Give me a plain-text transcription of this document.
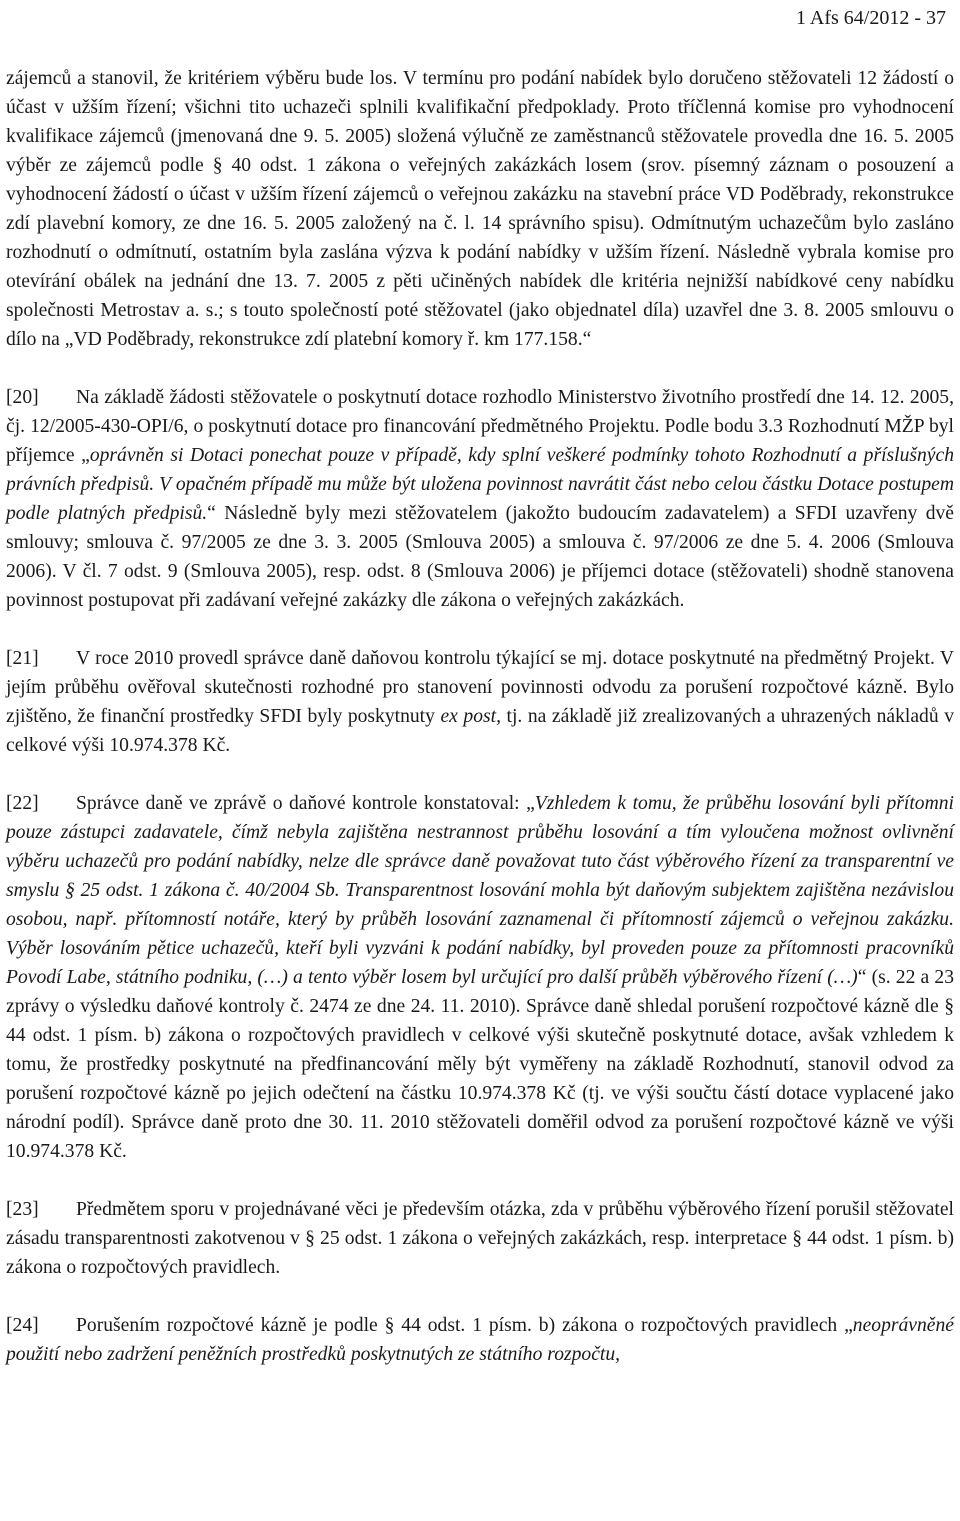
1 Afs 64/2012 - 37

zájemců a stanovil, že kritériem výběru bude los. V termínu pro podání nabídek bylo doručeno stěžovateli 12 žádostí o účast v užším řízení; všichni tito uchazeči splnili kvalifikační předpoklady. Proto tříčlenná komise pro vyhodnocení kvalifikace zájemců (jmenovaná dne 9. 5. 2005) složená výlučně ze zaměstnanců stěžovatele provedla dne 16. 5. 2005 výběr ze zájemců podle § 40 odst. 1 zákona o veřejných zakázkách losem (srov. písemný záznam o posouzení a vyhodnocení žádostí o účast v užším řízení zájemců o veřejnou zakázku na stavební práce VD Poděbrady, rekonstrukce zdí plavební komory, ze dne 16. 5. 2005 založený na č. l. 14 správního spisu). Odmítnutým uchazečům bylo zasláno rozhodnutí o odmítnutí, ostatním byla zaslána výzva k podání nabídky v užším řízení. Následně vybrala komise pro otevírání obálek na jednání dne 13. 7. 2005 z pěti učiněných nabídek dle kritéria nejnižší nabídkové ceny nabídku společnosti Metrostav a. s.; s touto společností poté stěžovatel (jako objednatel díla) uzavřel dne 3. 8. 2005 smlouvu o dílo na „VD Poděbrady, rekonstrukce zdí platební komory ř. km 177.158.“

[20] Na základě žádosti stěžovatele o poskytnutí dotace rozhodlo Ministerstvo životního prostředí dne 14. 12. 2005, čj. 12/2005-430-OPI/6, o poskytnutí dotace pro financování předmětného Projektu. Podle bodu 3.3 Rozhodnutí MŽP byl příjemce „oprávněn si Dotaci ponechat pouze v případě, kdy splní veškeré podmínky tohoto Rozhodnutí a příslušných právních předpisů. V opačném případě mu může být uložena povinnost navrátit část nebo celou částku Dotace postupem podle platných předpisů.“ Následně byly mezi stěžovatelem (jakožto budoucím zadavatelem) a SFDI uzavřeny dvě smlouvy; smlouva č. 97/2005 ze dne 3. 3. 2005 (Smlouva 2005) a smlouva č. 97/2006 ze dne 5. 4. 2006 (Smlouva 2006). V čl. 7 odst. 9 (Smlouva 2005), resp. odst. 8 (Smlouva 2006) je příjemci dotace (stěžovateli) shodně stanovena povinnost postupovat při zadávaní veřejné zakázky dle zákona o veřejných zakázkách.

[21] V roce 2010 provedl správce daně daňovou kontrolu týkající se mj. dotace poskytnuté na předmětný Projekt. V jejím průběhu ověřoval skutečnosti rozhodné pro stanovení povinnosti odvodu za porušení rozpočtové kázně. Bylo zjištěno, že finanční prostředky SFDI byly poskytnuty ex post, tj. na základě již zrealizovaných a uhrazených nákladů v celkové výši 10.974.378 Kč.

[22] Správce daně ve zprávě o daňové kontrole konstatoval: „Vzhledem k tomu, že průběhu losování byli přítomni pouze zástupci zadavatele, čímž nebyla zajištěna nestrannost průběhu losování a tím vyloučena možnost ovlivnění výběru uchazečů pro podání nabídky, nelze dle správce daně považovat tuto část výběrového řízení za transparentní ve smyslu § 25 odst. 1 zákona č. 40/2004 Sb. Transparentnost losování mohla být daňovým subjektem zajištěna nezávislou osobou, např. přítomností notáře, který by průběh losování zaznamenal či přítomností zájemců o veřejnou zakázku. Výběr losováním pětice uchazečů, kteří byli vyzváni k podání nabídky, byl proveden pouze za přítomnosti pracovníků Povodí Labe, státního podniku, (…) a tento výběr losem byl určující pro další průběh výběrového řízení (…)“ (s. 22 a 23 zprávy o výsledku daňové kontroly č. 2474 ze dne 24. 11. 2010). Správce daně shledal porušení rozpočtové kázně dle § 44 odst. 1 písm. b) zákona o rozpočtových pravidlech v celkové výši skutečně poskytnuté dotace, avšak vzhledem k tomu, že prostředky poskytnuté na předfinancování měly být vyměřeny na základě Rozhodnutí, stanovil odvod za porušení rozpočtové kázně po jejich odečtení na částku 10.974.378 Kč (tj. ve výši součtu částí dotace vyplacené jako národní podíl). Správce daně proto dne 30. 11. 2010 stěžovateli doměřil odvod za porušení rozpočtové kázně ve výši 10.974.378 Kč.

[23] Předmětem sporu v projednávané věci je především otázka, zda v průběhu výběrového řízení porušil stěžovatel zásadu transparentnosti zakotvenou v § 25 odst. 1 zákona o veřejných zakázkách, resp. interpretace § 44 odst. 1 písm. b) zákona o rozpočtových pravidlech.

[24] Porušením rozpočtové kázně je podle § 44 odst. 1 písm. b) zákona o rozpočtových pravidlech „neoprávněné použití nebo zadržení peněžních prostředků poskytnutých ze státního rozpočtu,
